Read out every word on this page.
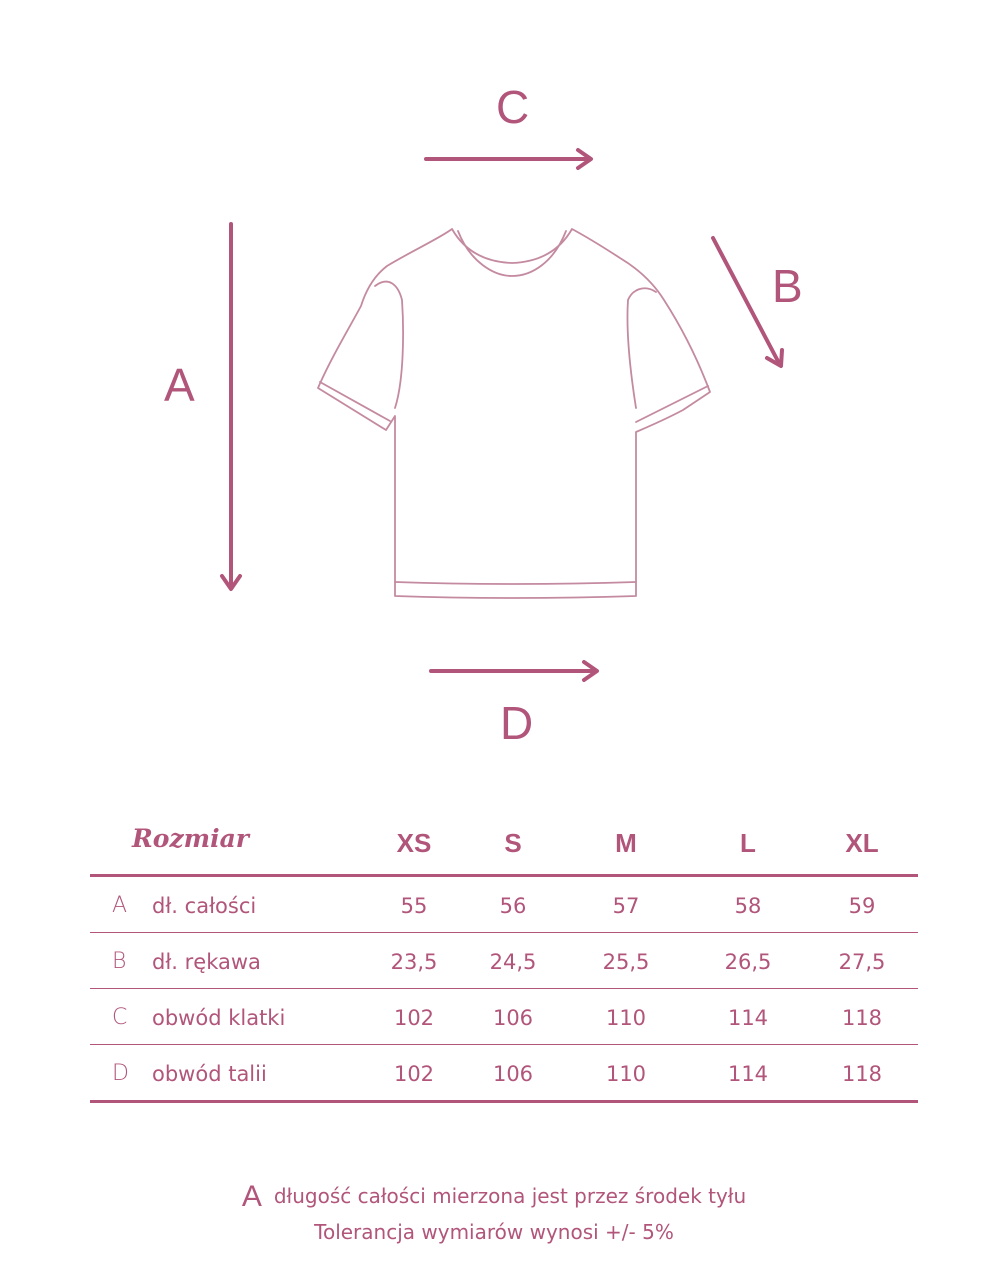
A
B
C
D
Rozmiar	XS	S	M	L	XL
A dł. całości	55	56	57	58	59
B dł. rękawa	23,5	24,5	25,5	26,5	27,5
C obwód klatki	102	106	110	114	118
D obwód talii	102	106	110	114	118
Adługość całości mierzona jest przez środek tyłu
Tolerancja wymiarów wynosi +/- 5%
